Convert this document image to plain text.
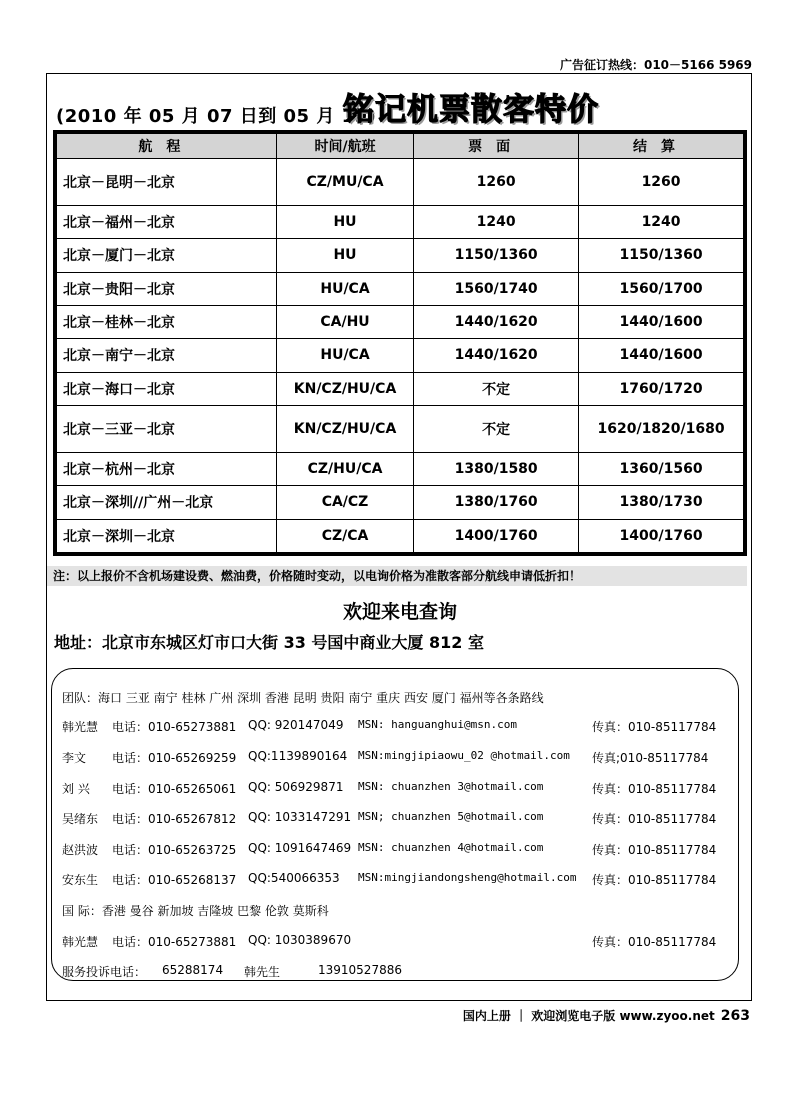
广告征订热线：010－5166 5969
(2010 年 05 月 07 日到 05 月 19)
铭记机票散客特价
航程	时间/航班	票面	结算
北京－昆明－北京	CZ/MU/CA	1260	1260
北京－福州－北京	HU	1240	1240
北京－厦门－北京	HU	1150/1360	1150/1360
北京－贵阳－北京	HU/CA	1560/1740	1560/1700
北京－桂林－北京	CA/HU	1440/1620	1440/1600
北京－南宁－北京	HU/CA	1440/1620	1440/1600
北京－海口－北京	KN/CZ/HU/CA	不定	1760/1720
北京－三亚－北京	KN/CZ/HU/CA	不定	1620/1820/1680
北京－杭州－北京	CZ/HU/CA	1380/1580	1360/1560
北京－深圳//广州－北京	CA/CZ	1380/1760	1380/1730
北京－深圳－北京	CZ/CA	1400/1760	1400/1760
注：以上报价不含机场建设费、燃油费，价格随时变动，以电询价格为准散客部分航线申请低折扣！
欢迎来电查询
地址：北京市东城区灯市口大街 33 号国中商业大厦 812 室
团队：海口 三亚 南宁 桂林 广州 深圳 香港 昆明 贵阳 南宁 重庆 西安 厦门 福州等各条路线
韩光慧 电话：010-65273881 QQ: 920147049 MSN: hanguanghui@msn.com	传真：010-85117784
李文 电话：010-65269259 QQ:1139890164 MSN:mingjipiaowu_02 @hotmail.com 传真;010-85117784
刘 兴 电话：010-65265061 QQ: 506929871 MSN: chuanzhen 3@hotmail.com	传真：010-85117784
吴绪东 电话：010-65267812 QQ: 1033147291 MSN; chuanzhen 5@hotmail.com	传真：010-85117784
赵洪波 电话：010-65263725 QQ: 1091647469 MSN: chuanzhen 4@hotmail.com	传真：010-85117784
安东生 电话：010-65268137 QQ:540066353 MSN:mingjiandongsheng@hotmail.com 传真：010-85117784
国 际：香港 曼谷 新加坡 吉隆坡 巴黎 伦敦 莫斯科
韩光慧 电话：010-65273881 QQ: 1030389670	传真：010-85117784
服务投诉电话： 65288174 韩先生	13910527886
国内上册 ｜ 欢迎浏览电子版 www.zyoo.net 263
